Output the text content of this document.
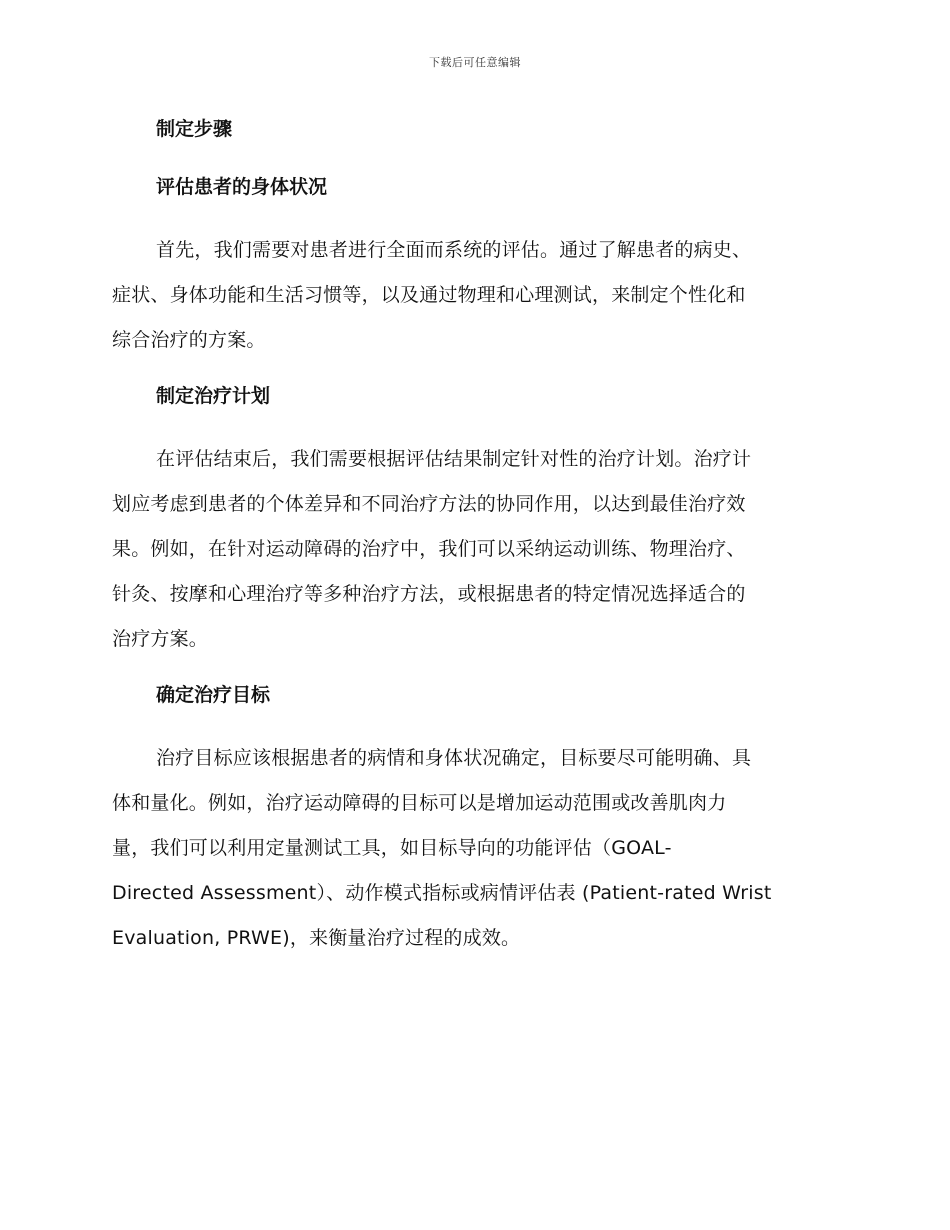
下载后可任意编辑
制定步骤
评估患者的身体状况
首先，我们需要对患者进行全面而系统的评估。通过了解患者的病史、
症状、身体功能和生活习惯等，以及通过物理和心理测试，来制定个性化和
综合治疗的方案。
制定治疗计划
在评估结束后，我们需要根据评估结果制定针对性的治疗计划。治疗计
划应考虑到患者的个体差异和不同治疗方法的协同作用，以达到最佳治疗效
果。例如，在针对运动障碍的治疗中，我们可以采纳运动训练、物理治疗、
针灸、按摩和心理治疗等多种治疗方法，或根据患者的特定情况选择适合的
治疗方案。
确定治疗目标
治疗目标应该根据患者的病情和身体状况确定，目标要尽可能明确、具
体和量化。例如，治疗运动障碍的目标可以是增加运动范围或改善肌肉力
量，我们可以利用定量测试工具，如目标导向的功能评估（GOAL-
Directed Assessment）、动作模式指标或病情评估表 (Patient-rated Wrist
Evaluation, PRWE)，来衡量治疗过程的成效。
